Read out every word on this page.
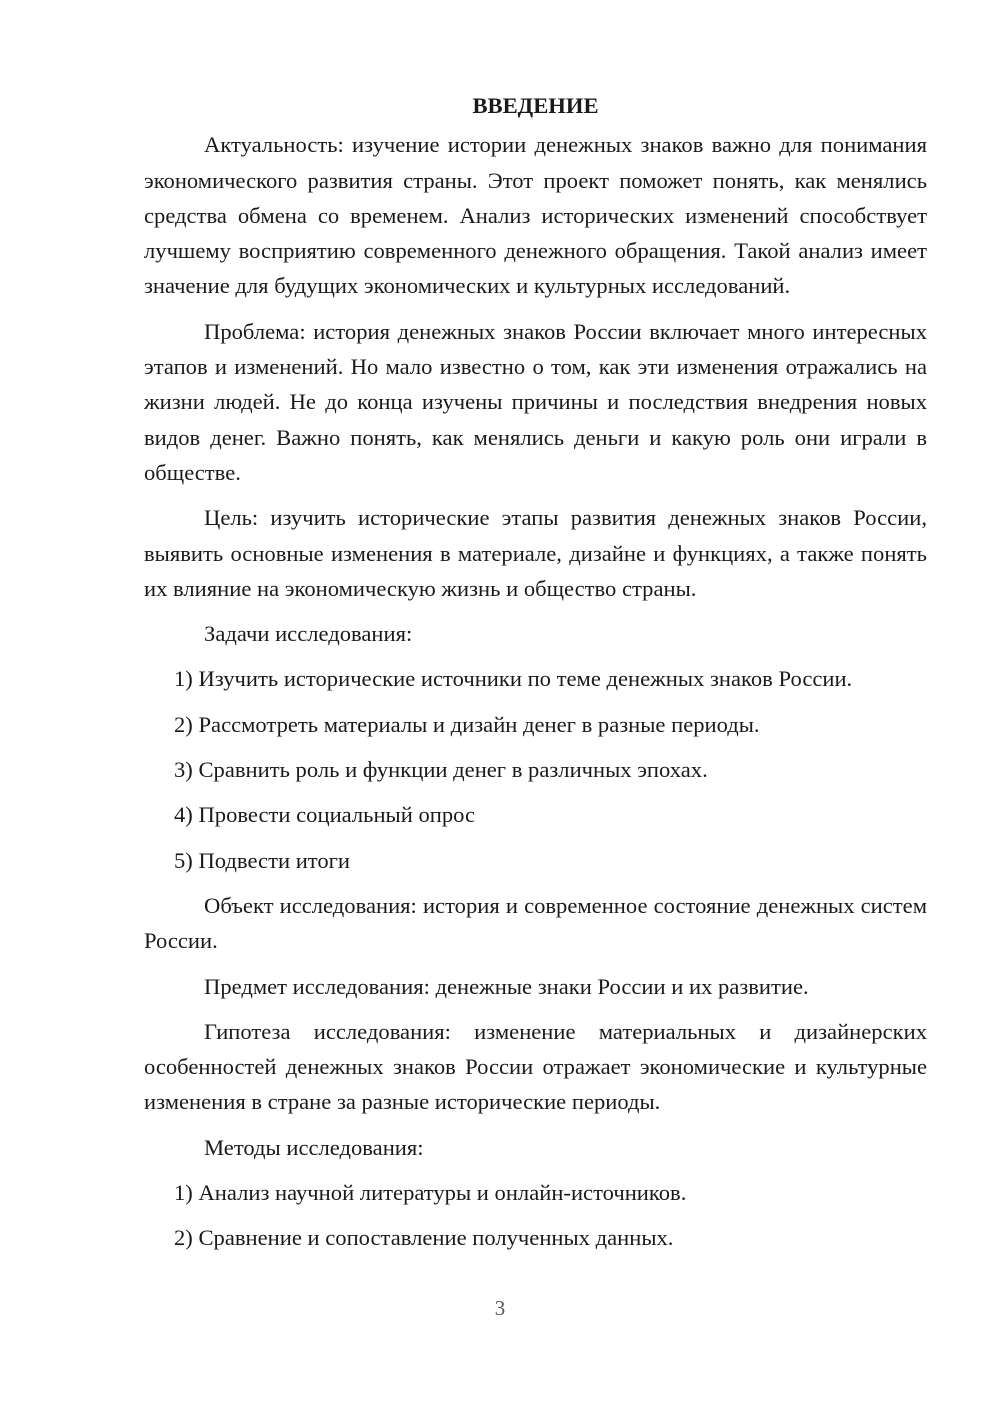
ВВЕДЕНИЕ

Актуальность: изучение истории денежных знаков важно для понимания экономического развития страны. Этот проект поможет понять, как менялись средства обмена со временем. Анализ исторических изменений способствует лучшему восприятию современного денежного обращения. Такой анализ имеет значение для будущих экономических и культурных исследований.

Проблема: история денежных знаков России включает много интересных этапов и изменений. Но мало известно о том, как эти изменения отражались на жизни людей. Не до конца изучены причины и последствия внедрения новых видов денег. Важно понять, как менялись деньги и какую роль они играли в обществе.

Цель: изучить исторические этапы развития денежных знаков России, выявить основные изменения в материале, дизайне и функциях, а также понять их влияние на экономическую жизнь и общество страны.

Задачи исследования:

1) Изучить исторические источники по теме денежных знаков России.
2) Рассмотреть материалы и дизайн денег в разные периоды.
3) Сравнить роль и функции денег в различных эпохах.
4) Провести социальный опрос
5) Подвести итоги

Объект исследования: история и современное состояние денежных систем России.

Предмет исследования: денежные знаки России и их развитие.

Гипотеза исследования: изменение материальных и дизайнерских особенностей денежных знаков России отражает экономические и культурные изменения в стране за разные исторические периоды.

Методы исследования:

1) Анализ научной литературы и онлайн-источников.
2) Сравнение и сопоставление полученных данных.
3
